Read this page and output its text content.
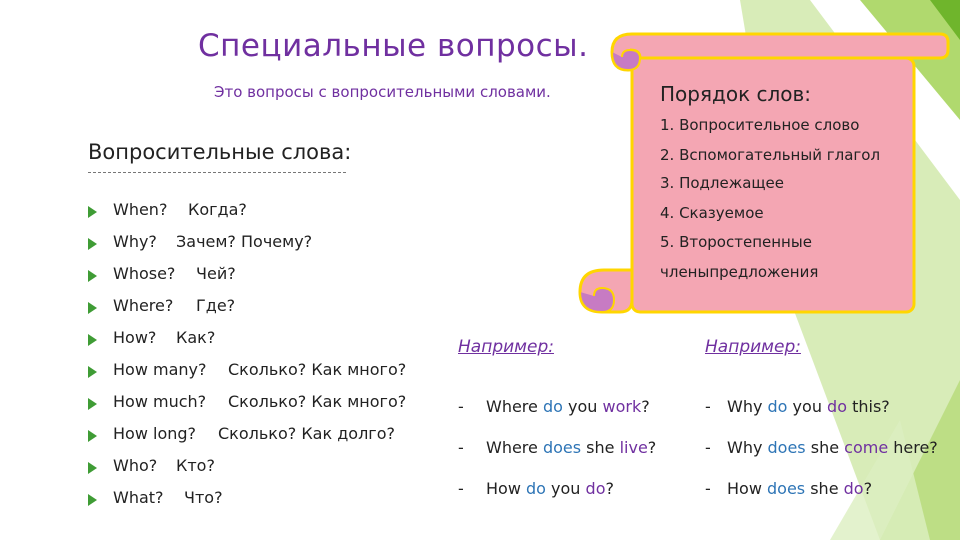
Специальные вопросы.
Это вопросы с вопросительными словами.
Вопросительные слова:
When? Когда?
Why? Зачем? Почему?
Whose? Чей?
Where? Где?
How? Как?
How many? Сколько? Как много?
How much? Сколько? Как много?
How long? Сколько? Как долго?
Who? Кто?
What? Что?
Порядок слов:
1. Вопросительное слово
2. Вспомогательный глагол
3. Подлежащее
4. Сказуемое
5. Второстепенные
членыпредложения
Например:	Например:
- Where do you work?
- Where does she live?
- How do you do?
- Why do you do this?
- Why does she come here?
- How does she do?
